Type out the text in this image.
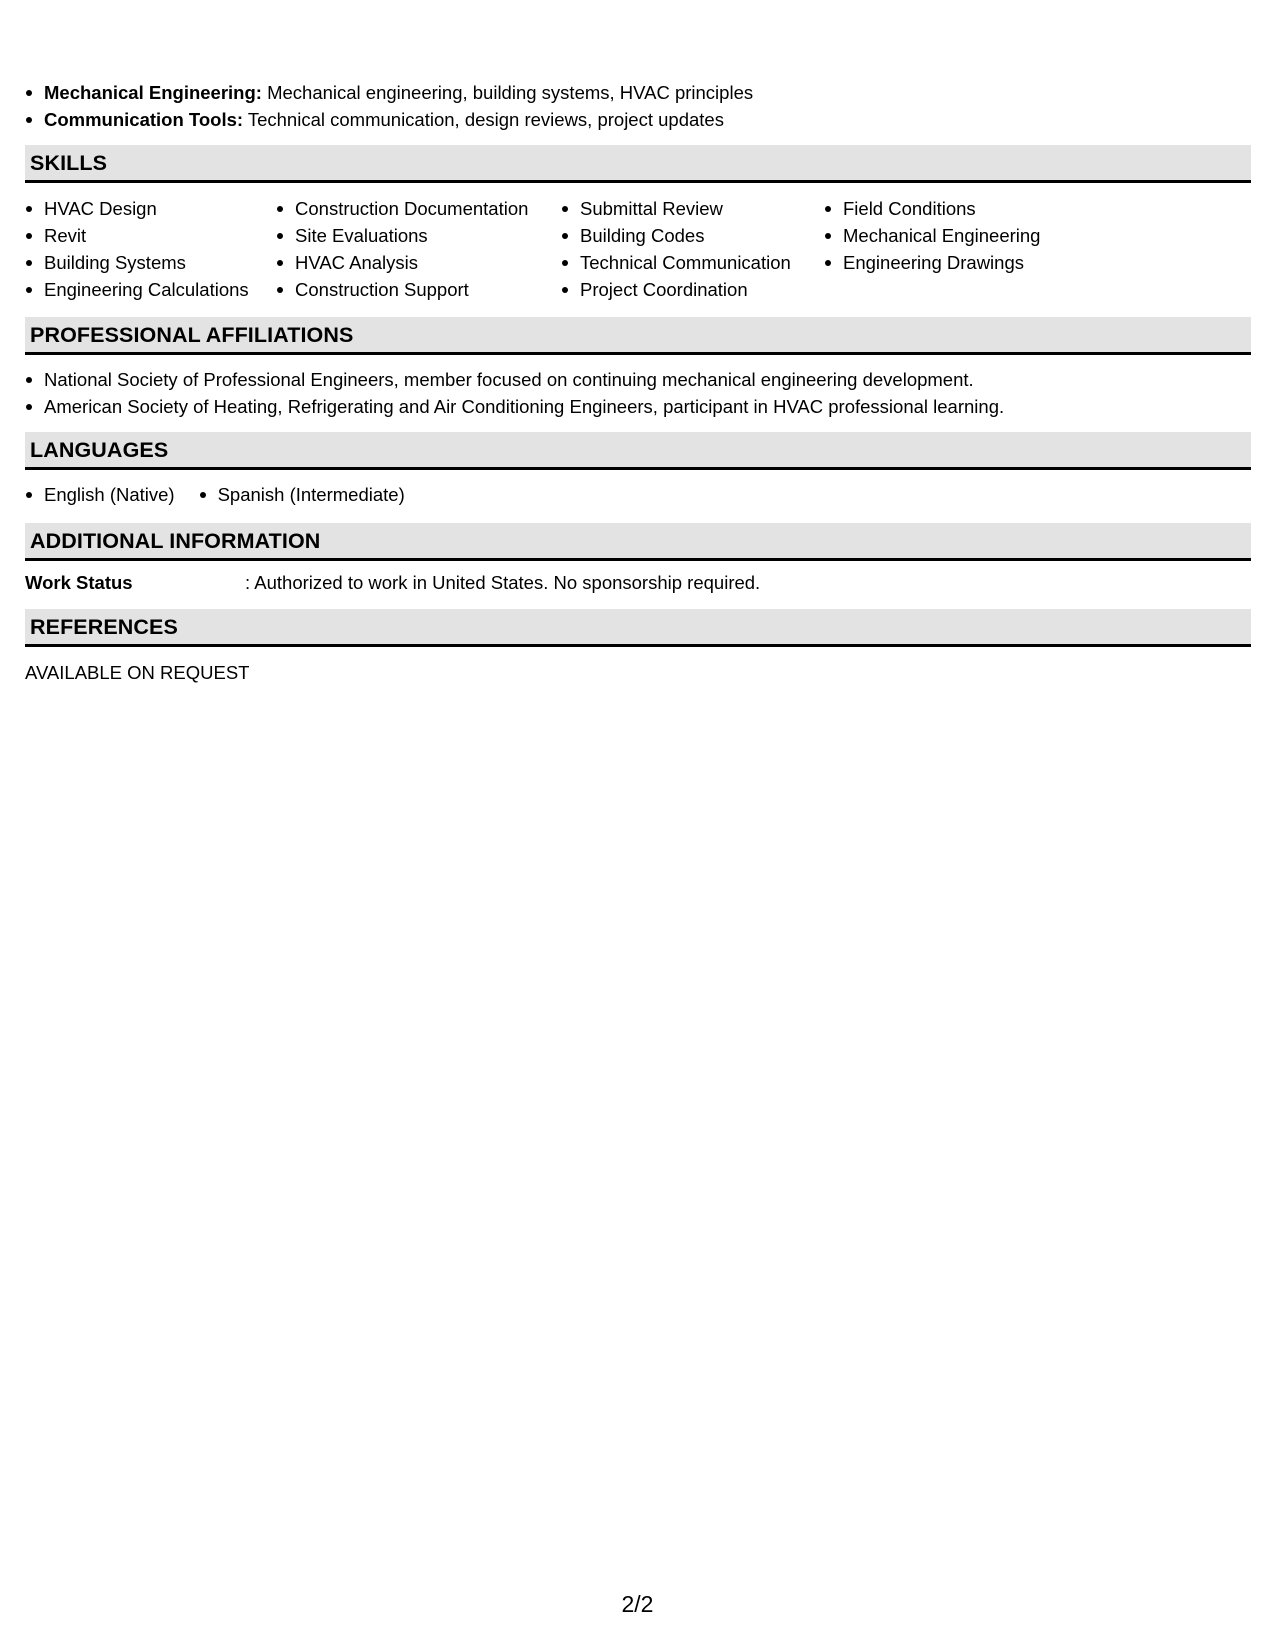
Mechanical Engineering: Mechanical engineering, building systems, HVAC principles
Communication Tools: Technical communication, design reviews, project updates
SKILLS
HVAC Design
Revit
Building Systems
Engineering Calculations
Construction Documentation
Site Evaluations
HVAC Analysis
Construction Support
Submittal Review
Building Codes
Technical Communication
Project Coordination
Field Conditions
Mechanical Engineering
Engineering Drawings
PROFESSIONAL AFFILIATIONS
National Society of Professional Engineers, member focused on continuing mechanical engineering development.
American Society of Heating, Refrigerating and Air Conditioning Engineers, participant in HVAC professional learning.
LANGUAGES
English (Native)	Spanish (Intermediate)
ADDITIONAL INFORMATION
Work Status	: Authorized to work in United States. No sponsorship required.
REFERENCES
AVAILABLE ON REQUEST
2/2
